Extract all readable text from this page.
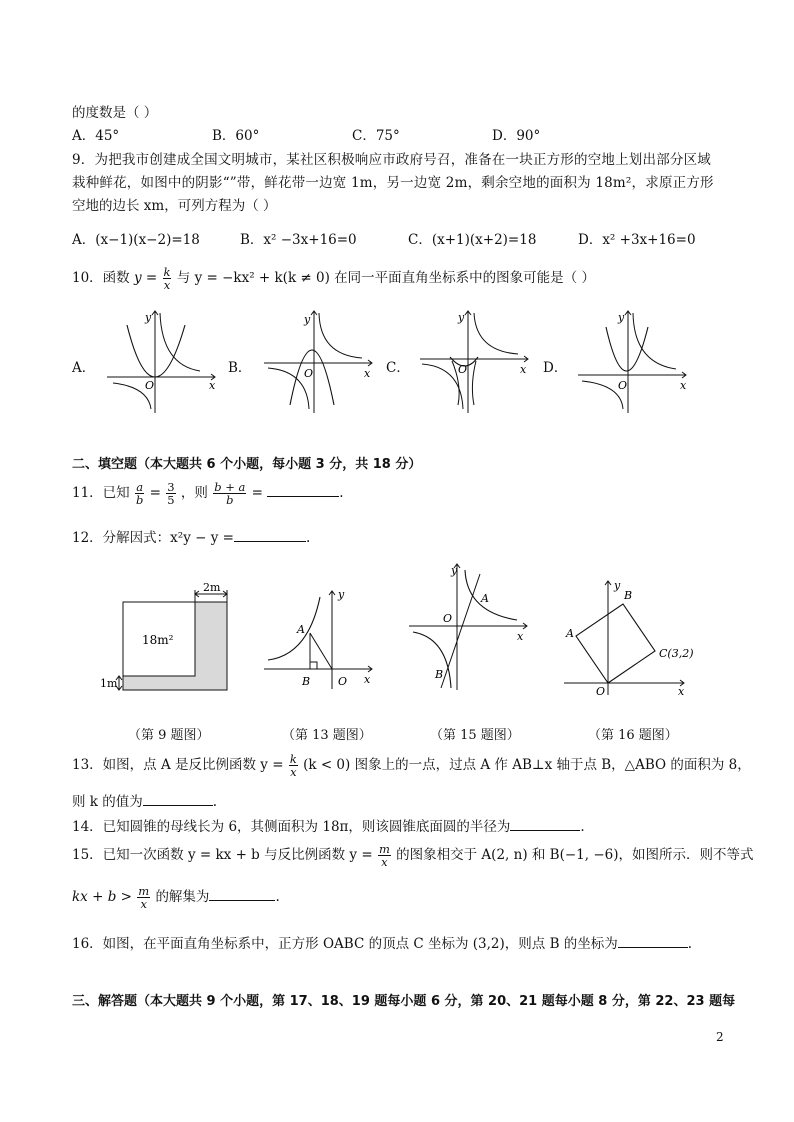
的度数是（ ）
A．45°	B．60°	C．75°	D．90°
9．为把我市创建成全国文明城市，某社区积极响应市政府号召，准备在一块正方形的空地上划出部分区域
栽种鲜花，如图中的阴影“”带，鲜花带一边宽 1m，另一边宽 2m，剩余空地的面积为 18m²，求原正方形
空地的边长 xm，可列方程为（ ）
A．(x−1)(x−2)=18	B．x² −3x+16=0	C．(x+1)(x+2)=18	D．x² +3x+16=0
10．函数 $y = \frac{k}{x}$ 与 y = −kx² + k(k ≠ 0) 在同一平面直角坐标系中的图象可能是（ ）
A．	B．	C．	D．
O	x
y
O	x
y
O	x
y
O	x
y
二、填空题（本大题共 6 个小题，每小题 3 分，共 18 分）
11．已知 $\frac{a}{b} = \frac{3}{5}$ ，则 $\frac{b + a}{b}$ =	.
12．分解因式：x²y − y =	.
2m
18m²
1m
（第 9 题图）
y
A
B	O x
（第 13 题图）
y
A
O
x
B
（第 15 题图）
y
B
A
C(3,2)
O	x
（第 16 题图）
13．如图，点 A 是反比例函数 $y = \frac{k}{x} (k < 0)$ 图象上的一点，过点 A 作 AB⊥x 轴于点 B，△ABO 的面积为 8，
则 k 的值为	.
14．已知圆锥的母线长为 6，其侧面积为 18π，则该圆锥底面圆的半径为	.
15．已知一次函数 y = kx + b 与反比例函数 $y = \frac{m}{x}$ 的图象相交于 A(2, n) 和 B(−1, −6)，如图所示．则不等式
kx + $b > \frac{m}{x}$ 的解集为	.
16．如图，在平面直角坐标系中，正方形 OABC 的顶点 C 坐标为 (3,2)，则点 B 的坐标为	.
三、解答题（本大题共 9 个小题，第 17、18、19 题每小题 6 分，第 20、21 题每小题 8 分，第 22、23 题每
2
